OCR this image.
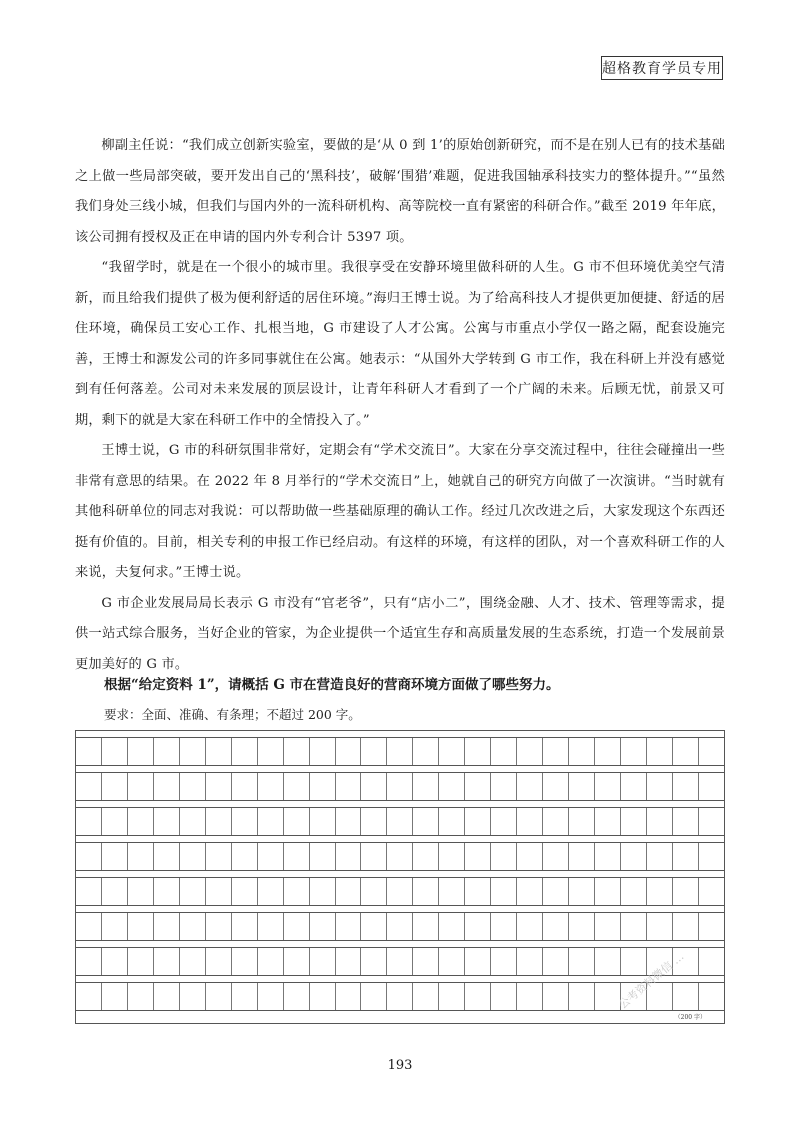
超格教育学员专用

柳副主任说：“我们成立创新实验室，要做的是‘从 0 到 1’的原始创新研究，而不是在别人已有的技术基础之上做一些局部突破，要开发出自己的‘黑科技’，破解‘围猎’难题，促进我国轴承科技实力的整体提升。”“虽然我们身处三线小城，但我们与国内外的一流科研机构、高等院校一直有紧密的科研合作。”截至 2019 年年底，该公司拥有授权及正在申请的国内外专利合计 5397 项。

“我留学时，就是在一个很小的城市里。我很享受在安静环境里做科研的人生。G 市不但环境优美空气清新，而且给我们提供了极为便利舒适的居住环境。”海归王博士说。为了给高科技人才提供更加便捷、舒适的居住环境，确保员工安心工作、扎根当地，G 市建设了人才公寓。公寓与市重点小学仅一路之隔，配套设施完善，王博士和源发公司的许多同事就住在公寓。她表示：“从国外大学转到 G 市工作，我在科研上并没有感觉到有任何落差。公司对未来发展的顶层设计，让青年科研人才看到了一个广阔的未来。后顾无忧，前景又可期，剩下的就是大家在科研工作中的全情投入了。”

王博士说，G 市的科研氛围非常好，定期会有“学术交流日”。大家在分享交流过程中，往往会碰撞出一些非常有意思的结果。在 2022 年 8 月举行的“学术交流日”上，她就自己的研究方向做了一次演讲。“当时就有其他科研单位的同志对我说：可以帮助做一些基础原理的确认工作。经过几次改进之后，大家发现这个东西还挺有价值的。目前，相关专利的申报工作已经启动。有这样的环境，有这样的团队，对一个喜欢科研工作的人来说，夫复何求。”王博士说。

G 市企业发展局局长表示 G 市没有“官老爷”，只有“店小二”，围绕金融、人才、技术、管理等需求，提供一站式综合服务，当好企业的管家，为企业提供一个适宜生存和高质量发展的生态系统，打造一个发展前景更加美好的 G 市。

根据“给定资料 1”，请概括 G 市在营造良好的营商环境方面做了哪些努力。
要求：全面、准确、有条理；不超过 200 字。
（200 字）
193
公考资料微信 …
